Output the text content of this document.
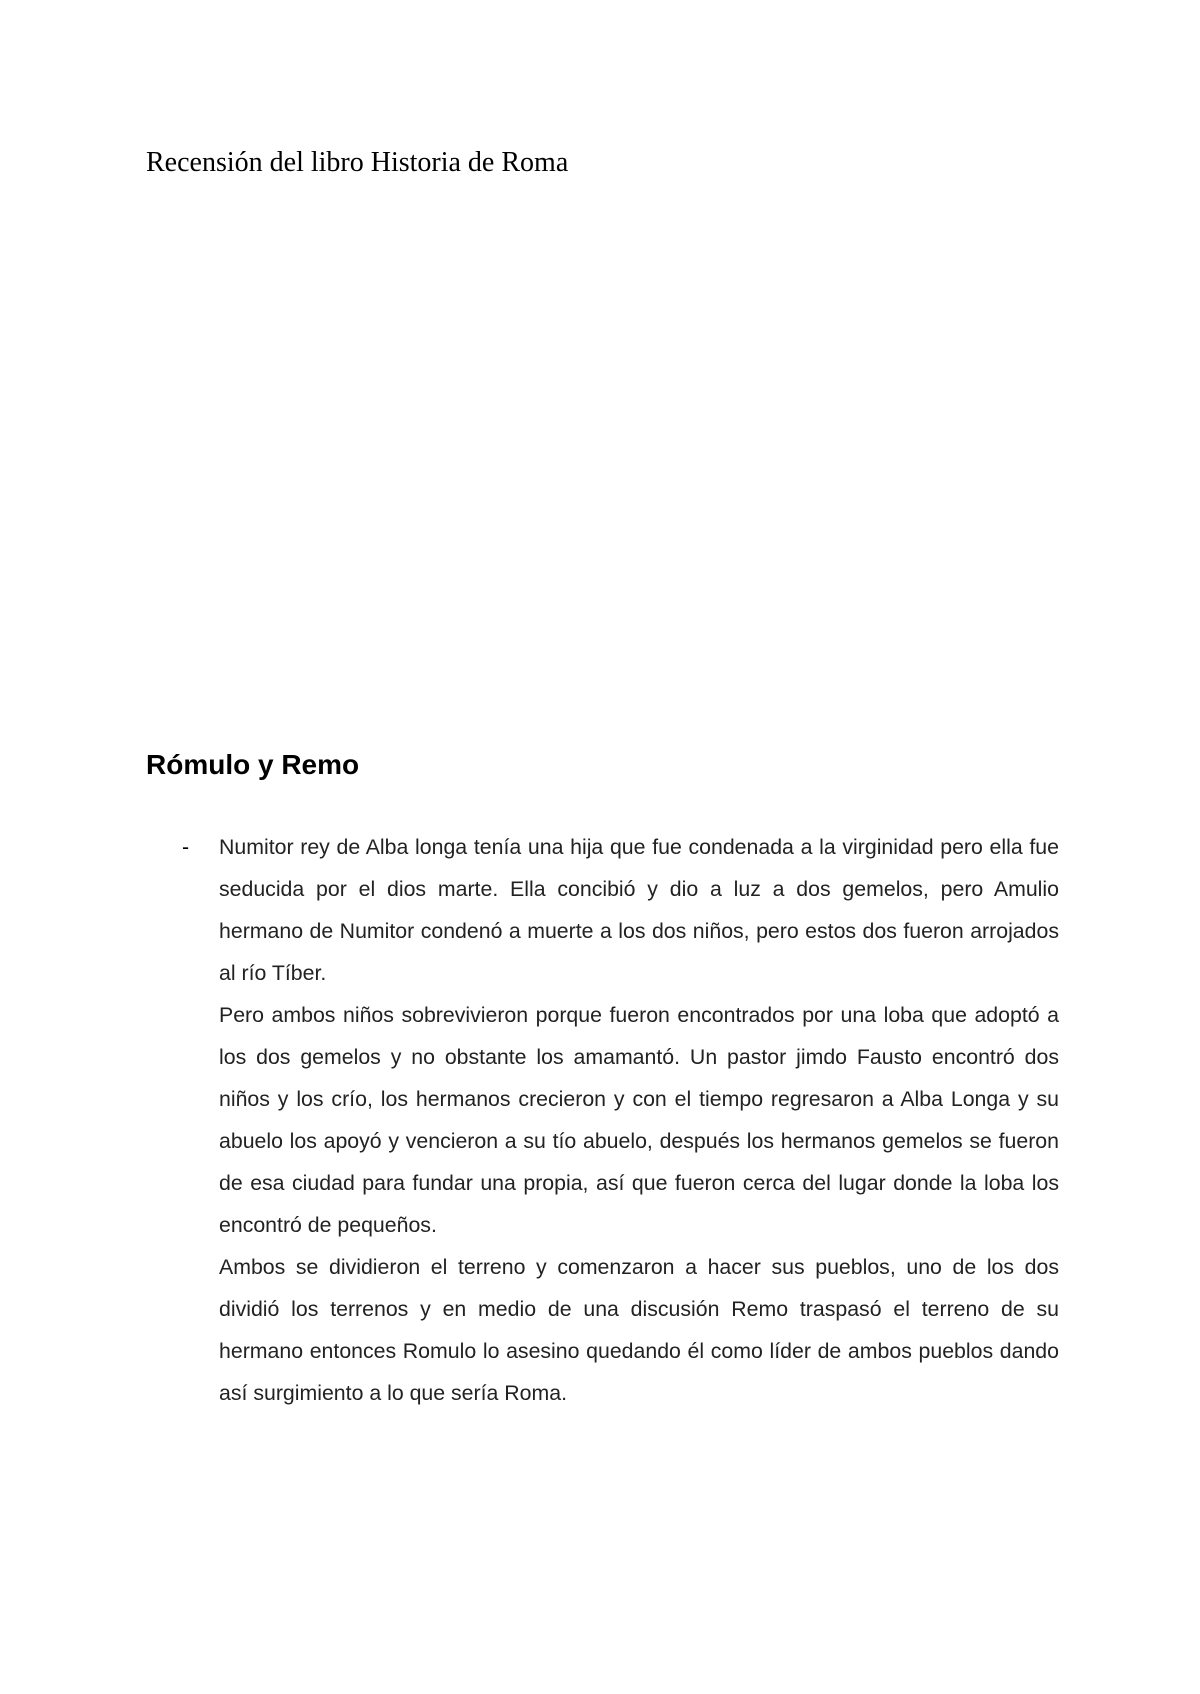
Recensión del libro Historia de Roma
Rómulo y Remo
- Numitor rey de Alba longa tenía una hija que fue condenada a la virginidad pero ella fue seducida por el dios marte. Ella concibió y dio a luz a dos gemelos, pero Amulio hermano de Numitor condenó a muerte a los dos niños, pero estos dos fueron arrojados al río Tíber.

Pero ambos niños sobrevivieron porque fueron encontrados por una loba que adoptó a los dos gemelos y no obstante los amamantó. Un pastor jimdo Fausto encontró dos niños y los crío, los hermanos crecieron y con el tiempo regresaron a Alba Longa y su abuelo los apoyó y vencieron a su tío abuelo, después los hermanos gemelos se fueron de esa ciudad para fundar una propia, así que fueron cerca del lugar donde la loba los encontró de pequeños.

Ambos se dividieron el terreno y comenzaron a hacer sus pueblos, uno de los dos dividió los terrenos y en medio de una discusión Remo traspasó el terreno de su hermano entonces Romulo lo asesino quedando él como líder de ambos pueblos dando así surgimiento a lo que sería Roma.
